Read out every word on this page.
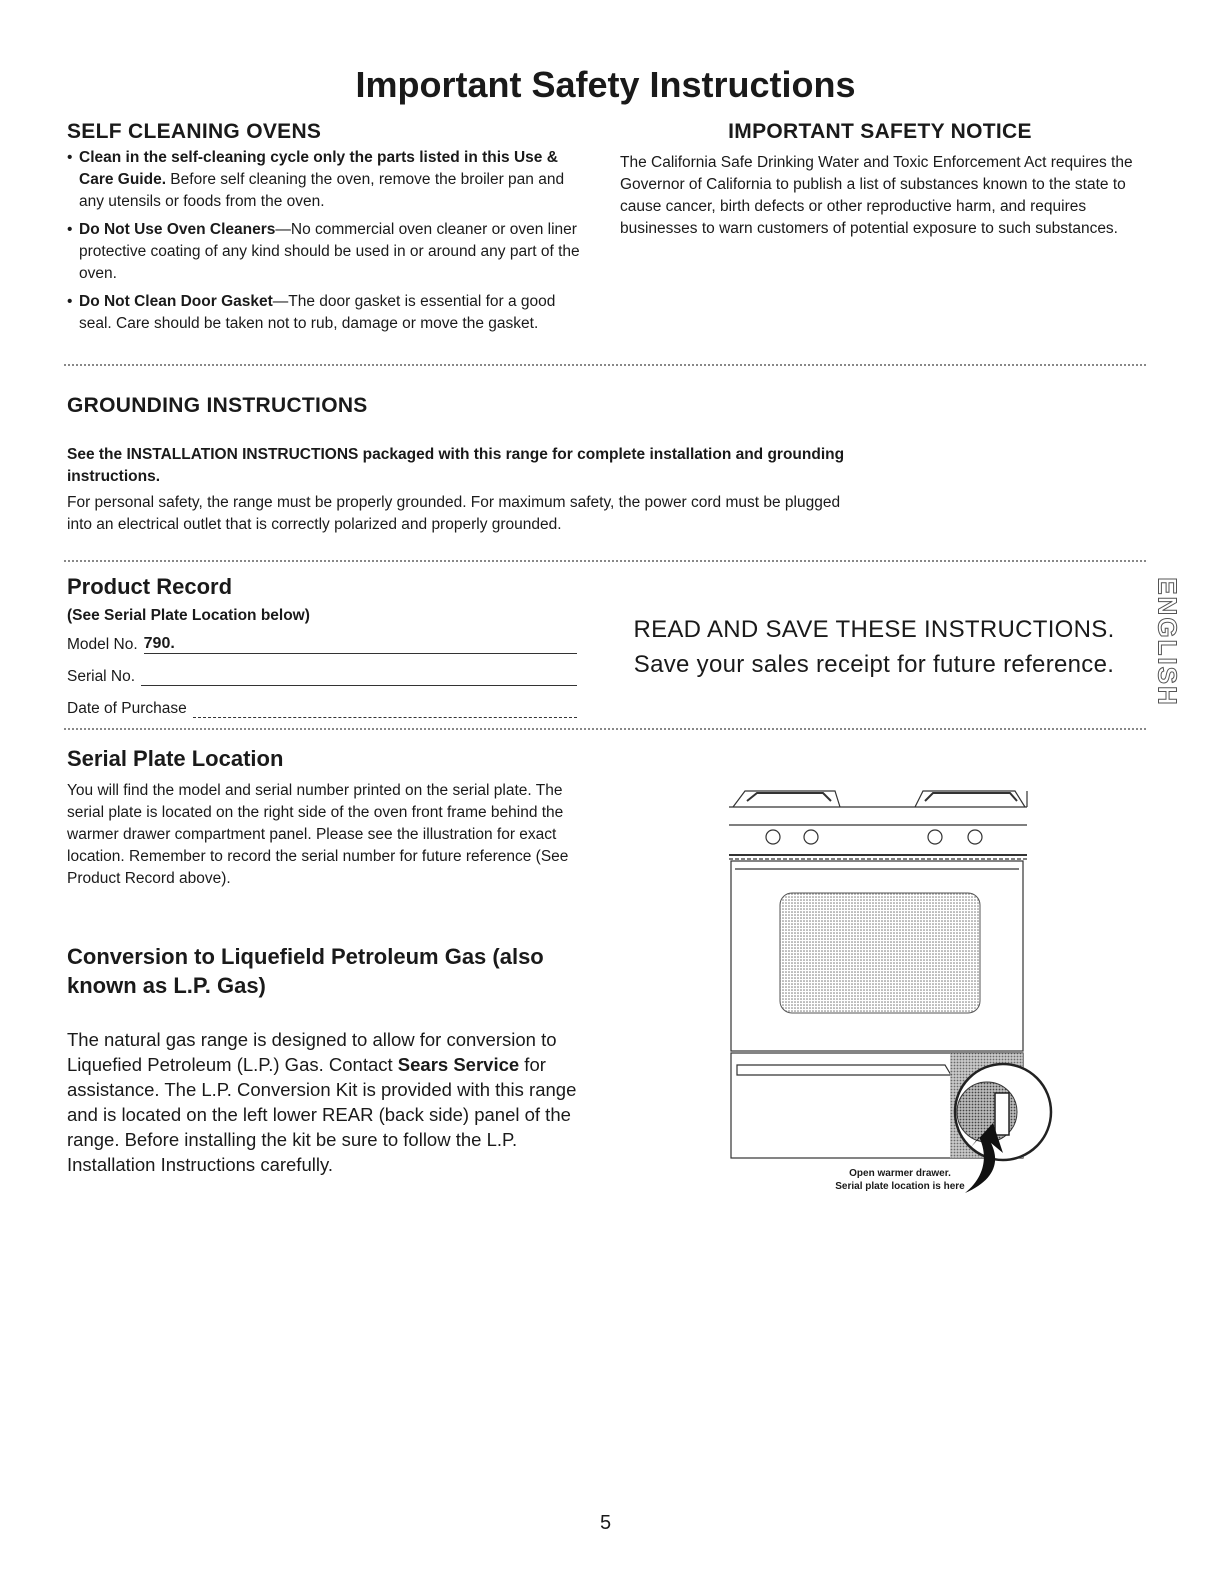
Important Safety Instructions
SELF CLEANING OVENS
• Clean in the self-cleaning cycle only the parts listed in this Use & Care Guide. Before self cleaning the oven, remove the broiler pan and any utensils or foods from the oven.
• Do Not Use Oven Cleaners—No commercial oven cleaner or oven liner protective coating of any kind should be used in or around any part of the oven.
• Do Not Clean Door Gasket—The door gasket is essential for a good seal. Care should be taken not to rub, damage or move the gasket.
IMPORTANT SAFETY NOTICE
The California Safe Drinking Water and Toxic Enforcement Act requires the Governor of California to publish a list of substances known to the state to cause cancer, birth defects or other reproductive harm, and requires businesses to warn customers of potential exposure to such substances.
GROUNDING INSTRUCTIONS
See the INSTALLATION INSTRUCTIONS packaged with this range for complete installation and grounding instructions.
For personal safety, the range must be properly grounded. For maximum safety, the power cord must be plugged into an electrical outlet that is correctly polarized and properly grounded.
Product Record
(See Serial Plate Location below)
Model No. 790.
Serial No.
Date of Purchase
READ AND SAVE THESE INSTRUCTIONS.
Save your sales receipt for future reference.	ENGLISH
Serial Plate Location
You will find the model and serial number printed on the serial plate. The serial plate is located on the right side of the oven front frame behind the warmer drawer compartment panel. Please see the illustration for exact location. Remember to record the serial number for future reference (See Product Record above).
Conversion to Liquefield Petroleum Gas (also known as L.P. Gas)
The natural gas range is designed to allow for conversion to Liquefied Petroleum (L.P.) Gas. Contact Sears Service for assistance. The L.P. Conversion Kit is provided with this range and is located on the left lower REAR (back side) panel of the range. Before installing the kit be sure to follow the L.P. Installation Instructions carefully.	Open warmer drawer.
Serial plate location is here
5
